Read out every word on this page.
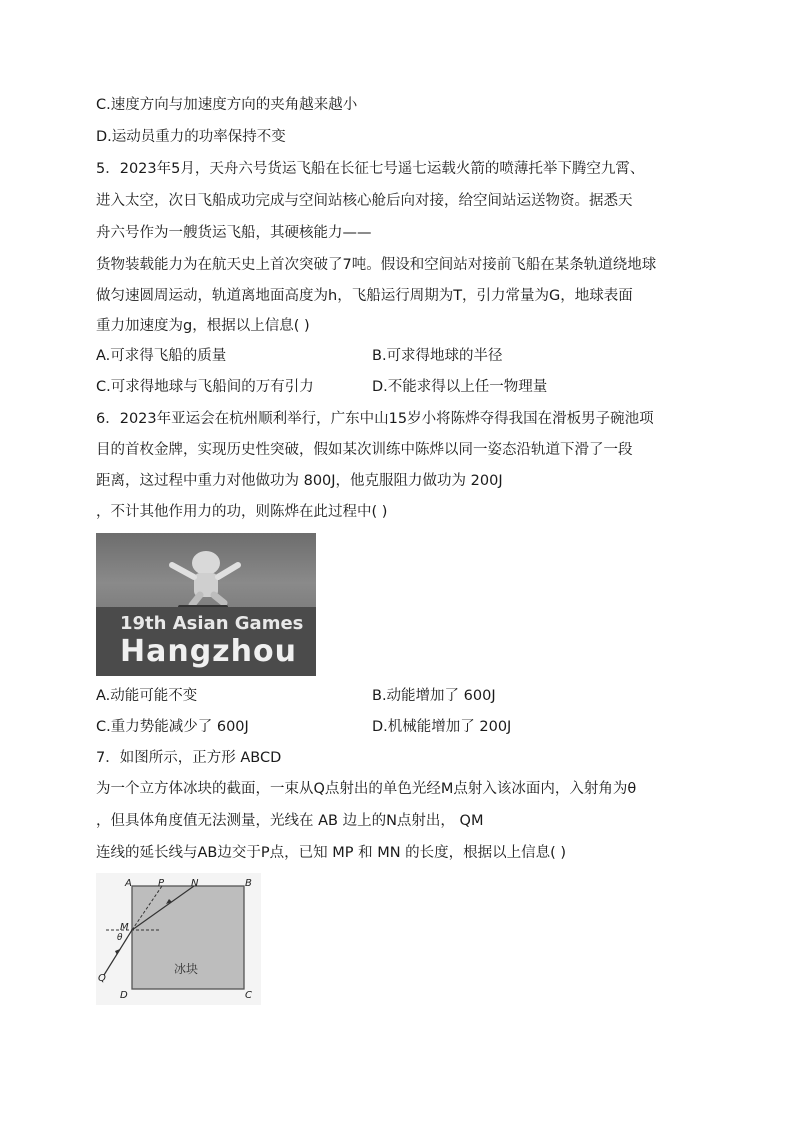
C.速度方向与加速度方向的夹角越来越小
D.运动员重力的功率保持不变
5．2023年5月，天舟六号货运飞船在长征七号遥七运载火箭的喷薄托举下腾空九霄、
进入太空，次日飞船成功完成与空间站核心舱后向对接，给空间站运送物资。据悉天
舟六号作为一艘货运飞船，其硬核能力——
货物装载能力为在航天史上首次突破了7吨。假设和空间站对接前飞船在某条轨道绕地球
做匀速圆周运动，轨道离地面高度为h，飞船运行周期为T，引力常量为G，地球表面
重力加速度为g，根据以上信息( )
A.可求得飞船的质量	B.可求得地球的半径
C.可求得地球与飞船间的万有引力	D.不能求得以上任一物理量
6．2023年亚运会在杭州顺利举行，广东中山15岁小将陈烨夺得我国在滑板男子碗池项
目的首枚金牌，实现历史性突破，假如某次训练中陈烨以同一姿态沿轨道下滑了一段
距离，这过程中重力对他做功为 800J，他克服阻力做功为 200J
，不计其他作用力的功，则陈烨在此过程中( )
19th Asian Games
Hangzhou
A.动能可能不变	B.动能增加了 600J
C.重力势能减少了 600J	D.机械能增加了 200J
7．如图所示，正方形 ABCD
为一个立方体冰块的截面，一束从Q点射出的单色光经M点射入该冰面内，入射角为θ
，但具体角度值无法测量，光线在 AB 边上的N点射出， QM
连线的延长线与AB边交于P点，已知 MP 和 MN 的长度，根据以上信息( )
A	P	N	B
M
θ
Q
D	C
冰块
